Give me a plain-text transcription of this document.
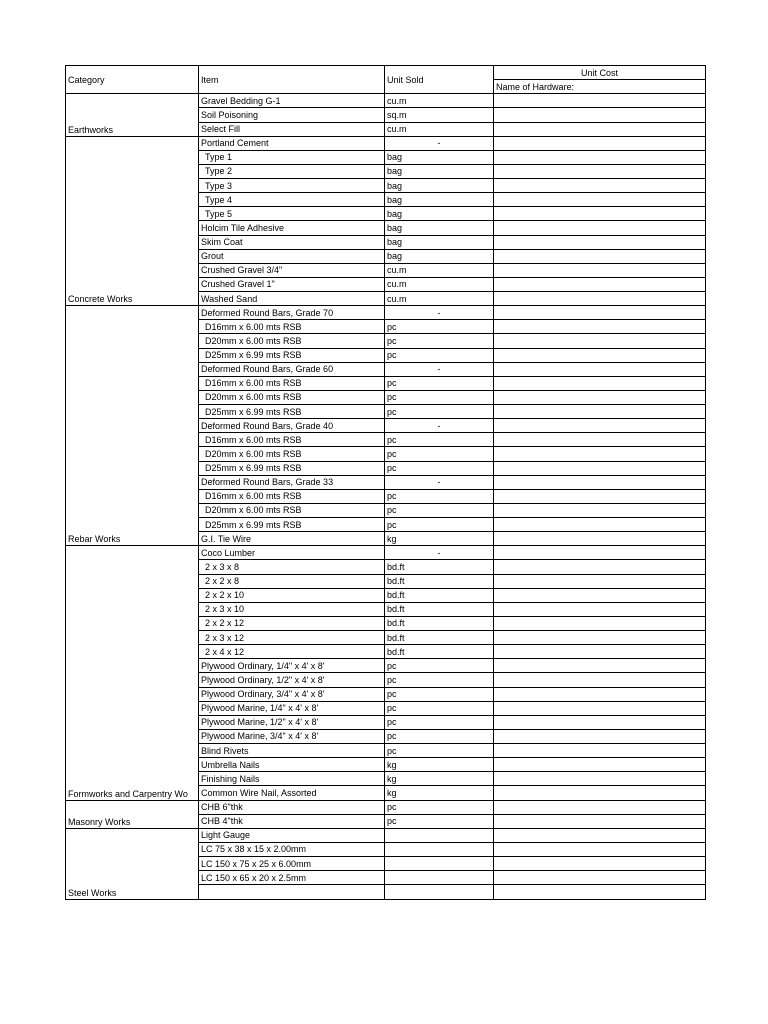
Category	Item	Unit Sold	Unit Cost
			Name of Hardware:
Earthworks	Gravel Bedding G-1	cu.m	
	Soil Poisoning	sq.m	
	Select Fill	cu.m	
Concrete Works	Portland Cement	-	
	Type 1	bag	
	Type 2	bag	
	Type 3	bag	
	Type 4	bag	
	Type 5	bag	
	Holcim Tile Adhesive	bag	
	Skim Coat	bag	
	Grout	bag	
	Crushed Gravel 3/4"	cu.m	
	Crushed Gravel 1"	cu.m	
	Washed Sand	cu.m	
Rebar Works	Deformed Round Bars, Grade 70	-	
	D16mm x 6.00 mts RSB	pc	
	D20mm x 6.00 mts RSB	pc	
	D25mm x 6.99 mts RSB	pc	
	Deformed Round Bars, Grade 60	-	
	D16mm x 6.00 mts RSB	pc	
	D20mm x 6.00 mts RSB	pc	
	D25mm x 6.99 mts RSB	pc	
	Deformed Round Bars, Grade 40	-	
	D16mm x 6.00 mts RSB	pc	
	D20mm x 6.00 mts RSB	pc	
	D25mm x 6.99 mts RSB	pc	
	Deformed Round Bars, Grade 33	-	
	D16mm x 6.00 mts RSB	pc	
	D20mm x 6.00 mts RSB	pc	
	D25mm x 6.99 mts RSB	pc	
	G.I. Tie Wire	kg	
Formworks and Carpentry Wo	Coco Lumber	-	
	2 x 3 x 8	bd.ft	
	2 x 2 x 8	bd.ft	
	2 x 2 x 10	bd.ft	
	2 x 3 x 10	bd.ft	
	2 x 2 x 12	bd.ft	
	2 x 3 x 12	bd.ft	
	2 x 4 x 12	bd.ft	
	Plywood Ordinary, 1/4" x 4' x 8'	pc	
	Plywood Ordinary, 1/2" x 4' x 8'	pc	
	Plywood Ordinary, 3/4" x 4' x 8'	pc	
	Plywood Marine, 1/4" x 4' x 8'	pc	
	Plywood Marine, 1/2" x 4' x 8'	pc	
	Plywood Marine, 3/4" x 4' x 8'	pc	
	Blind Rivets	pc	
	Umbrella Nails	kg	
	Finishing Nails	kg	
	Common Wire Nail, Assorted	kg	
Masonry Works	CHB 6"thk	pc	
	CHB 4"thk	pc	
Steel Works	Light Gauge		
	LC 75 x 38 x 15 x 2.00mm		
	LC 150 x 75 x 25 x 6.00mm		
	LC 150 x 65 x 20 x 2.5mm		
